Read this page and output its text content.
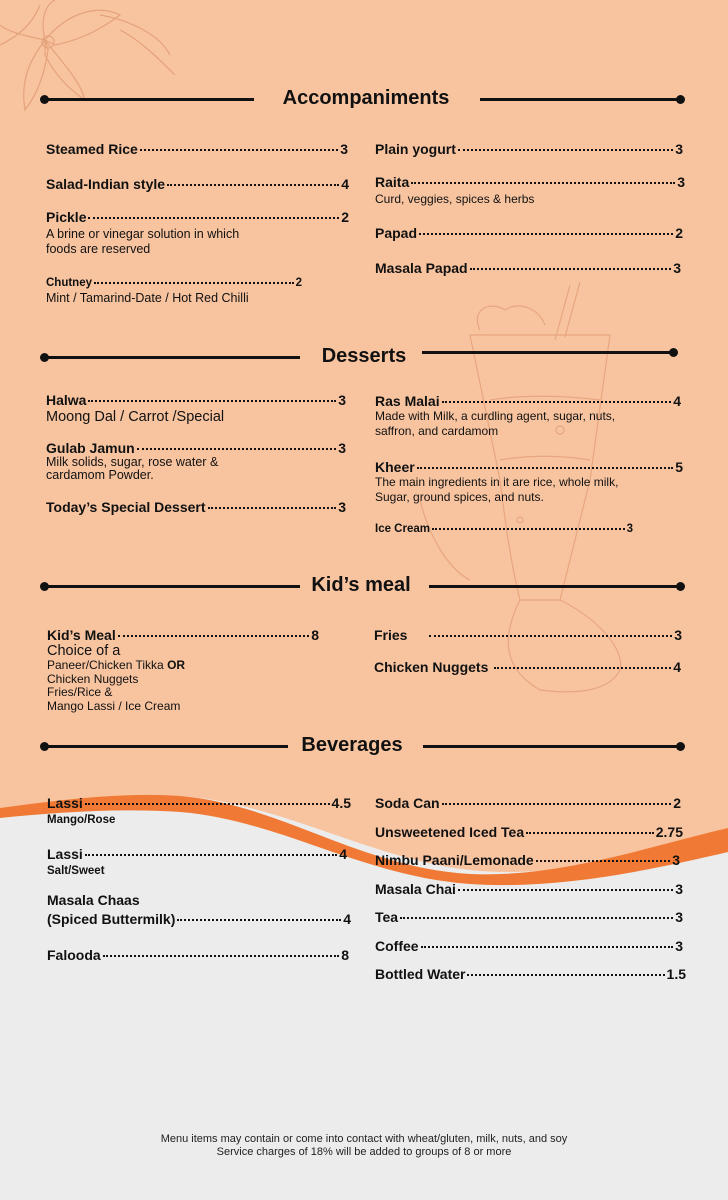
Accompaniments
Steamed Rice	3
Salad-Indian style	4
Pickle	2
A brine or vinegar solution in which foods are reserved
Chutney	2
Mint / Tamarind-Date / Hot Red Chilli
Plain yogurt	3
Raita	3
Curd, veggies, spices & herbs
Papad	2
Masala Papad	3
Desserts
Halwa	3
Moong Dal / Carrot /Special
Gulab Jamun	3
Milk solids, sugar, rose water & cardamom Powder.
Today’s Special Dessert	3
Ras Malai	4
Made with Milk, a curdling agent, sugar, nuts, saffron, and cardamom
Kheer	5
The main ingredients in it are rice, whole milk, Sugar, ground spices, and nuts.
Ice Cream	3
Kid’s meal
Kid’s Meal	8
Choice of a
Paneer/Chicken Tikka OR
Chicken Nuggets
Fries/Rice &
Mango Lassi / Ice Cream
Fries	3
Chicken Nuggets	4
Beverages
Lassi	4.5
Mango/Rose
Lassi	4
Salt/Sweet
Masala Chaas
(Spiced Buttermilk)	4
Falooda	8
Soda Can	2
Unsweetened Iced Tea	2.75
Nimbu Paani/Lemonade	3
Masala Chai	3
Tea	3
Coffee	3
Bottled Water	1.5
Menu items may contain or come into contact with wheat/gluten, milk, nuts, and soy
Service charges of 18% will be added to groups of 8 or more
